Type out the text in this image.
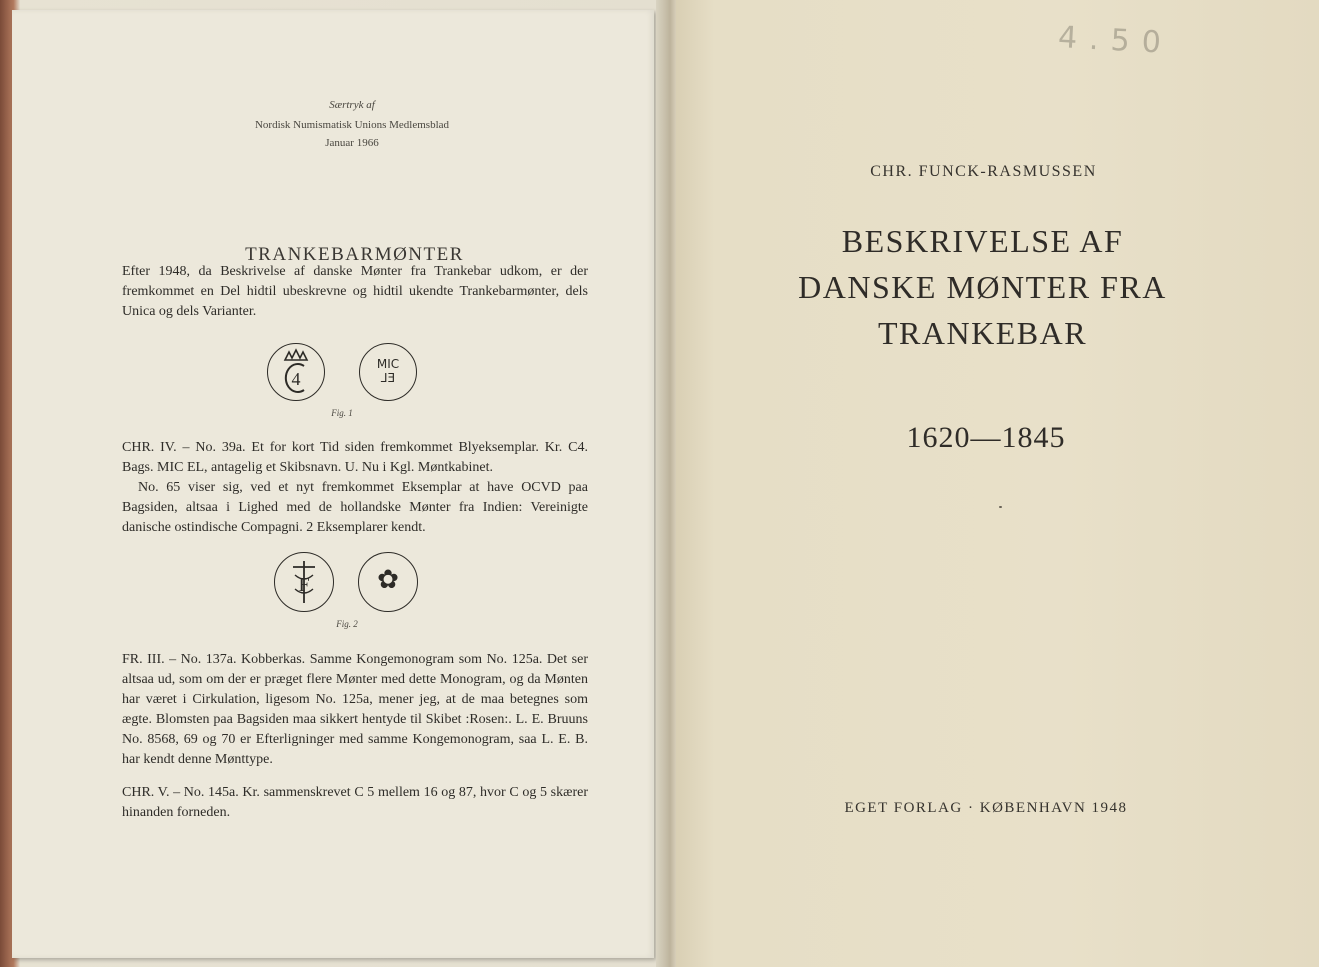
Særtryk af
Nordisk Numismatisk Unions Medlemsblad
Januar 1966
TRANKEBARMØNTER

Efter 1948, da Beskrivelse af danske Mønter fra Trankebar udkom, er der fremkommet en Del hidtil ubeskrevne og hidtil ukendte Trankebarmønter, dels Unica og dels Varianter.

4
MIC
EL
Fig. 1

CHR. IV. – No. 39a. Et for kort Tid siden fremkommet Blyeksemplar. Kr. C4. Bags. MIC EL, antagelig et Skibsnavn. U. Nu i Kgl. Møntkabinet.

No. 65 viser sig, ved et nyt fremkommet Eksemplar at have OCVD paa Bagsiden, altsaa i Lighed med de hollandske Mønter fra Indien: Vereinigte danische ostindische Compagni. 2 Eksemplarer kendt.

F	✿
Fig. 2

FR. III. – No. 137a. Kobberkas. Samme Kongemonogram som No. 125a. Det ser altsaa ud, som om der er præget flere Mønter med dette Monogram, og da Mønten har været i Cirkulation, ligesom No. 125a, mener jeg, at de maa betegnes som ægte. Blomsten paa Bagsiden maa sikkert hentyde til Skibet :Rosen:. L. E. Bruuns No. 8568, 69 og 70 er Efterligninger med samme Kongemonogram, saa L. E. B. har kendt denne Mønttype.

CHR. V. – No. 145a. Kr. sammenskrevet C 5 mellem 16 og 87, hvor C og 5 skærer hinanden forneden.

CHR. FUNCK-RASMUSSEN
BESKRIVELSE AF
DANSKE MØNTER FRA
TRANKEBAR
1620—1845
EGET FORLAG · KØBENHAVN 1948
4.50
